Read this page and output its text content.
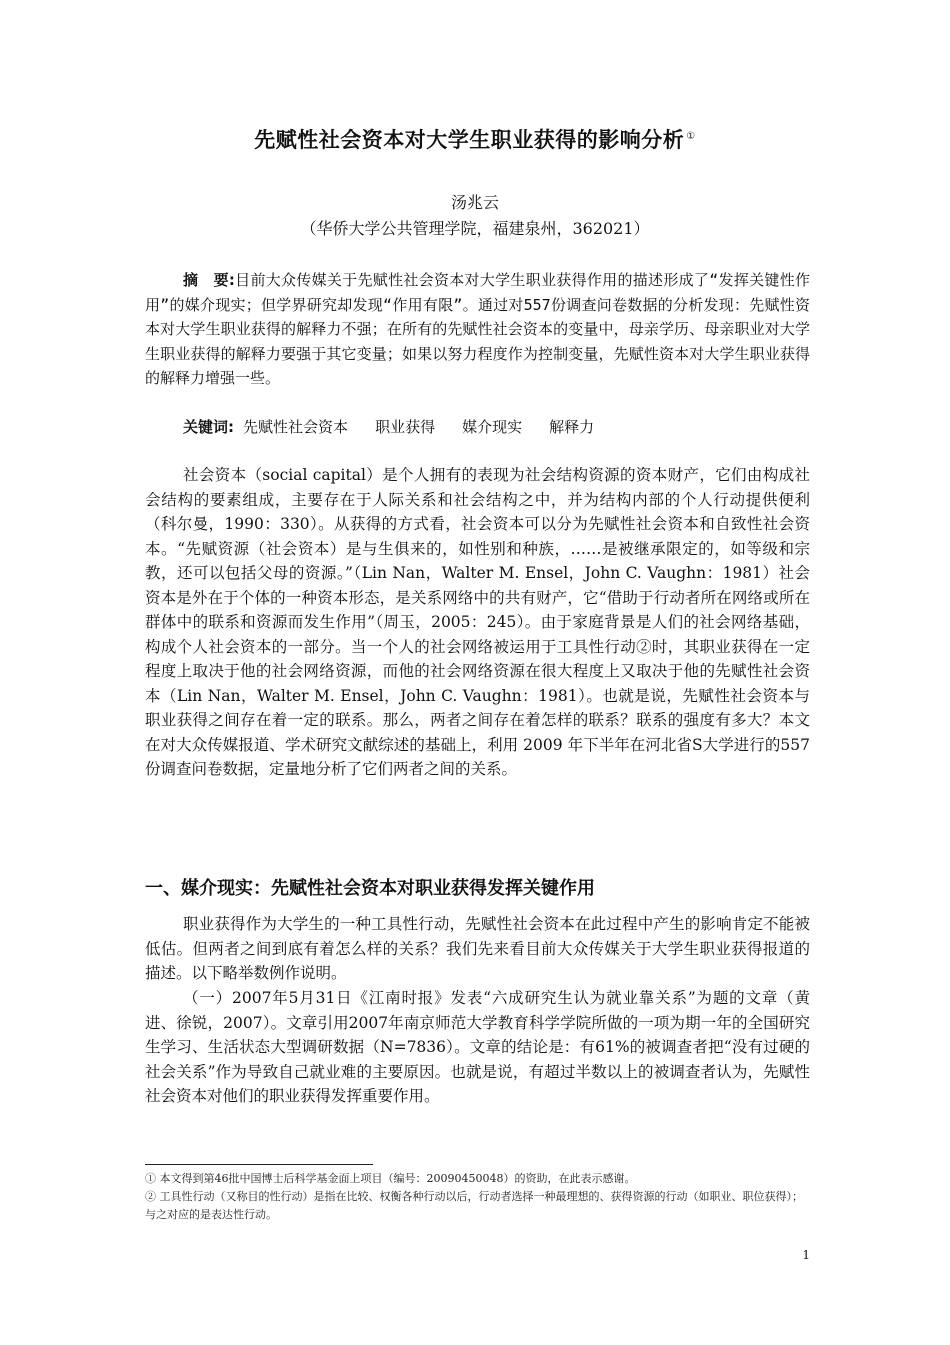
先赋性社会资本对大学生职业获得的影响分析 ①
汤兆云
（华侨大学公共管理学院，福建泉州，362021）
摘　要:目前大众传媒关于先赋性社会资本对大学生职业获得作用的描述形成了“发挥关键性作用”的媒介现实；但学界研究却发现“作用有限”。通过对557份调查问卷数据的分析发现：先赋性资本对大学生职业获得的解释力不强；在所有的先赋性社会资本的变量中，母亲学历、母亲职业对大学生职业获得的解释力要强于其它变量；如果以努力程度作为控制变量，先赋性资本对大学生职业获得的解释力增强一些。
关键词: 先赋性社会资本 职业获得 媒介现实 解释力

社会资本（social capital）是个人拥有的表现为社会结构资源的资本财产，它们由构成社会结构的要素组成，主要存在于人际关系和社会结构之中，并为结构内部的个人行动提供便利（科尔曼，1990：330）。从获得的方式看，社会资本可以分为先赋性社会资本和自致性社会资本。“先赋资源（社会资本）是与生俱来的，如性别和种族，……是被继承限定的，如等级和宗教，还可以包括父母的资源。”（Lin Nan，Walter M. Ensel，John C. Vaughn：1981）社会资本是外在于个体的一种资本形态，是关系网络中的共有财产，它“借助于行动者所在网络或所在群体中的联系和资源而发生作用”（周玉，2005：245）。由于家庭背景是人们的社会网络基础，构成个人社会资本的一部分。当一个人的社会网络被运用于工具性行动②时，其职业获得在一定程度上取决于他的社会网络资源，而他的社会网络资源在很大程度上又取决于他的先赋性社会资本（Lin Nan，Walter M. Ensel，John C. Vaughn：1981）。也就是说，先赋性社会资本与职业获得之间存在着一定的联系。那么，两者之间存在着怎样的联系？联系的强度有多大？本文在对大众传媒报道、学术研究文献综述的基础上，利用 2009 年下半年在河北省S大学进行的557份调查问卷数据，定量地分析了它们两者之间的关系。

一、媒介现实：先赋性社会资本对职业获得发挥关键作用

职业获得作为大学生的一种工具性行动，先赋性社会资本在此过程中产生的影响肯定不能被低估。但两者之间到底有着怎么样的关系？我们先来看目前大众传媒关于大学生职业获得报道的描述。以下略举数例作说明。

（一）2007年5月31日《江南时报》发表“六成研究生认为就业靠关系”为题的文章（黄进、徐锐，2007）。文章引用2007年南京师范大学教育科学学院所做的一项为期一年的全国研究生学习、生活状态大型调研数据（N=7836）。文章的结论是：有61%的被调查者把“没有过硬的社会关系”作为导致自己就业难的主要原因。也就是说，有超过半数以上的被调查者认为，先赋性社会资本对他们的职业获得发挥重要作用。

① 本文得到第46批中国博士后科学基金面上项目（编号：20090450048）的资助，在此表示感谢。

② 工具性行动（又称目的性行动）是指在比较、权衡各种行动以后，行动者选择一种最理想的、获得资源的行动（如职业、职位获得）；与之对应的是表达性行动。

1
